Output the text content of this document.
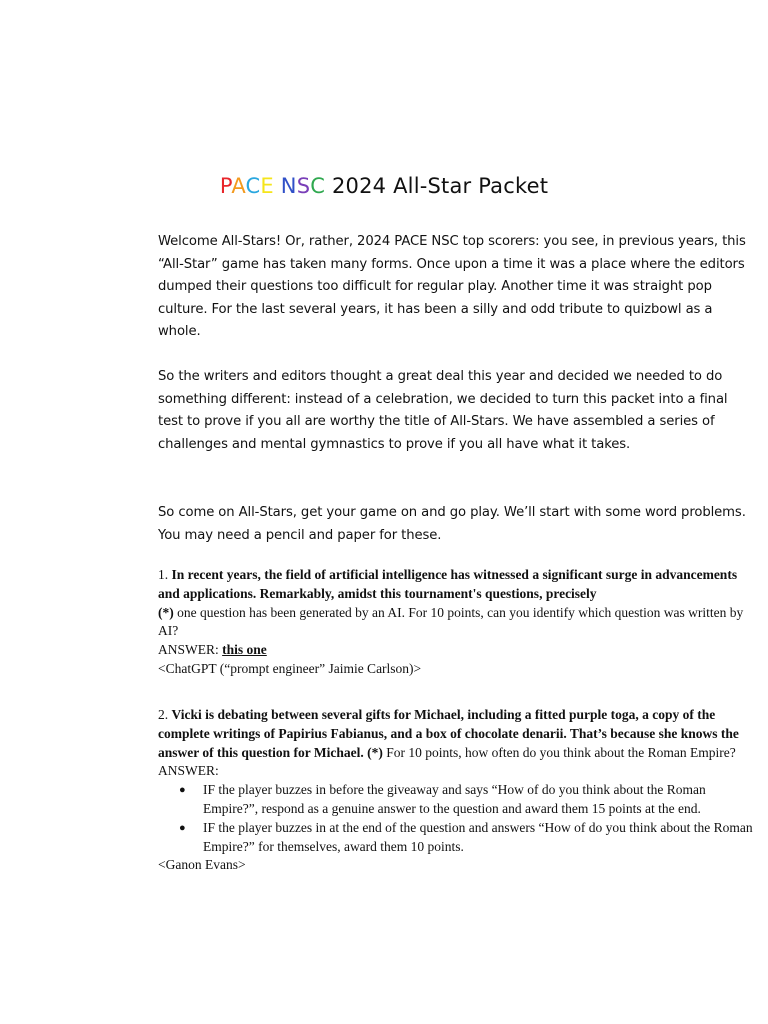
PACE NSC 2024 All-Star Packet

Welcome All-Stars! Or, rather, 2024 PACE NSC top scorers: you see, in previous years, this “All-Star” game has taken many forms. Once upon a time it was a place where the editors dumped their questions too difficult for regular play. Another time it was straight pop culture. For the last several years, it has been a silly and odd tribute to quizbowl as a whole.

So the writers and editors thought a great deal this year and decided we needed to do something different: instead of a celebration, we decided to turn this packet into a final test to prove if you all are worthy the title of All-Stars. We have assembled a series of challenges and mental gymnastics to prove if you all have what it takes.

So come on All-Stars, get your game on and go play. We’ll start with some word problems. You may need a pencil and paper for these.

1. In recent years, the field of artificial intelligence has witnessed a significant surge in advancements and applications. Remarkably, amidst this tournament's questions, precisely
(*) one question has been generated by an AI. For 10 points, can you identify which question was written by AI?

ANSWER: this one

<ChatGPT (“prompt engineer” Jaimie Carlson)>

2. Vicki is debating between several gifts for Michael, including a fitted purple toga, a copy of the complete writings of Papirius Fabianus, and a box of chocolate denarii. That’s because she knows the answer of this question for Michael. (*) For 10 points, how often do you think about the Roman Empire?

ANSWER:

● IF the player buzzes in before the giveaway and says “How of do you think about the Roman Empire?”, respond as a genuine answer to the question and award them 15 points at the end.
● IF the player buzzes in at the end of the question and answers “How of do you think about the Roman Empire?” for themselves, award them 10 points.

<Ganon Evans>
